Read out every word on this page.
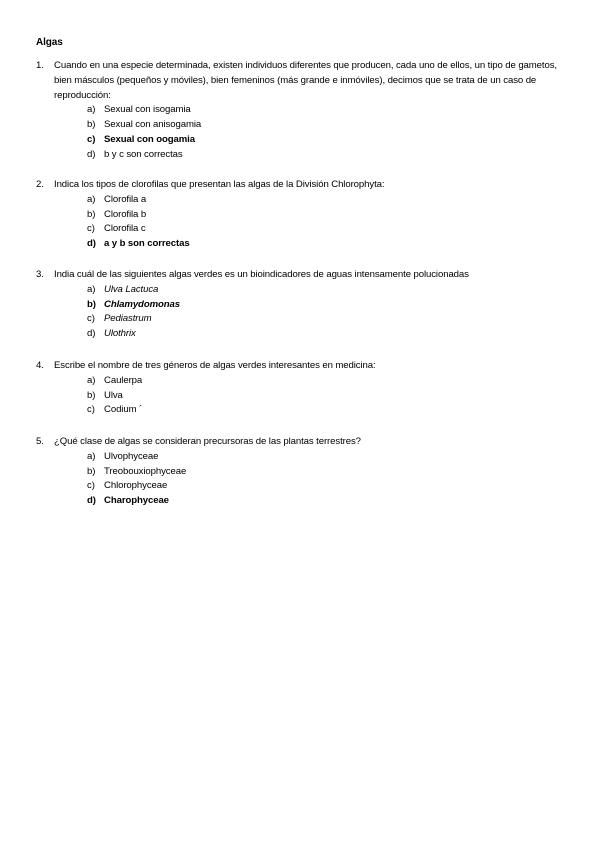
Algas
1.	Cuando en una especie determinada, existen individuos diferentes que producen, cada uno de ellos, un tipo de gametos, bien másculos (pequeños y móviles), bien femeninos (más grande e inmóviles), decimos que se trata de un caso de reproducción:
a) Sexual con isogamia
b) Sexual con anisogamia
c) Sexual con oogamia
d) b y c son correctas
2.	Indica los tipos de clorofilas que presentan las algas de la División Chlorophyta:
a) Clorofila a
b) Clorofila b
c) Clorofila c
d) a y b son correctas
3.	India cuál de las siguientes algas verdes es un bioindicadores de aguas intensamente polucionadas
a) Ulva Lactuca
b) Chlamydomonas
c) Pediastrum
d) Ulothrix
4.	Escribe el nombre de tres géneros de algas verdes interesantes en medicina:
a) Caulerpa
b) Ulva
c) Codium ´
5.	¿Qué clase de algas se consideran precursoras de las plantas terrestres?
a) Ulvophyceae
b) Treobouxiophyceae
c) Chlorophyceae
d) Charophyceae
